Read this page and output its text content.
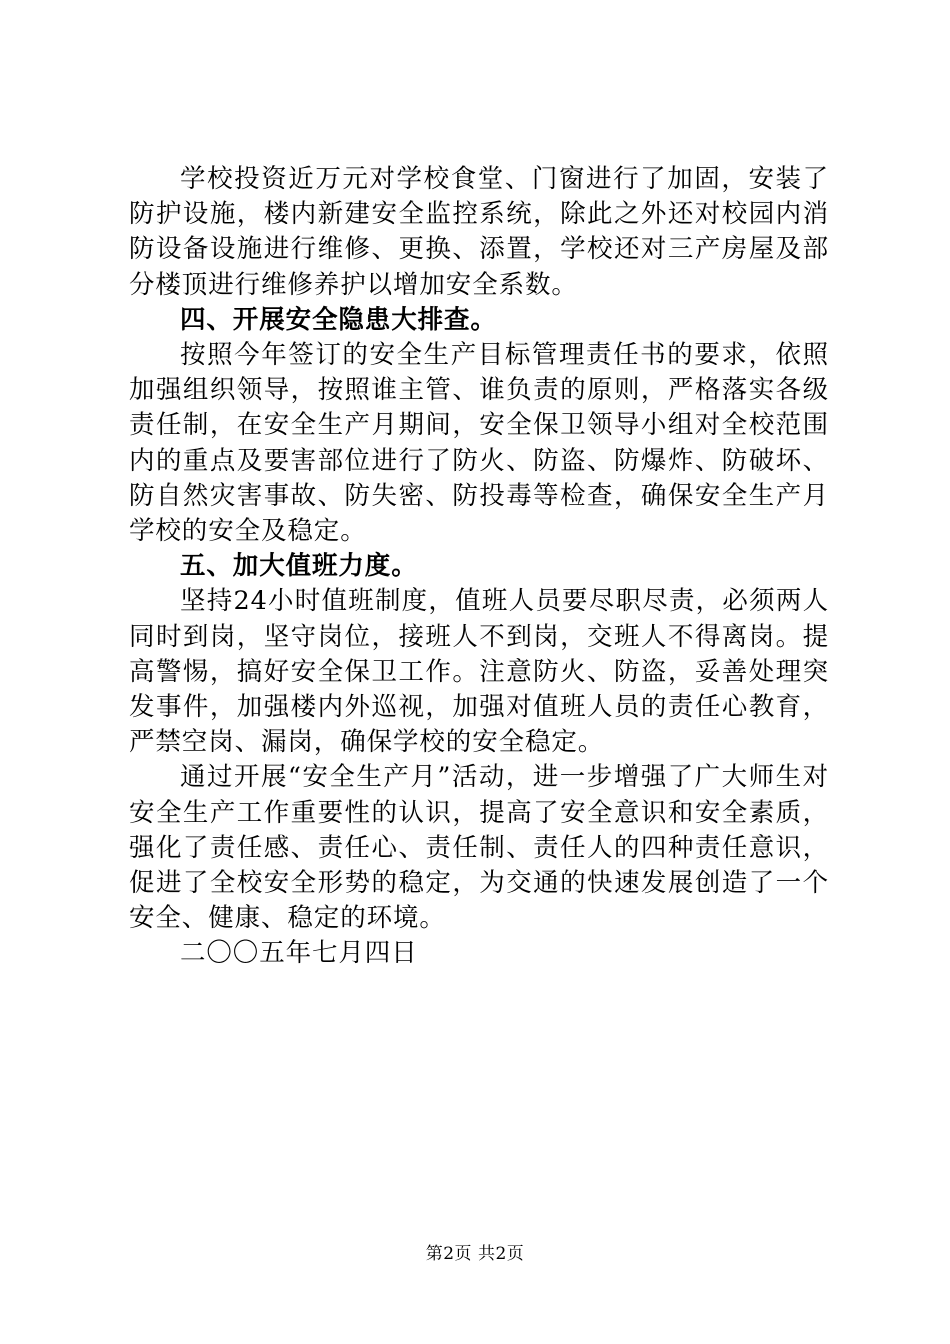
学校投资近万元对学校食堂、门窗进行了加固，安装了防护设施，楼内新建安全监控系统，除此之外还对校园内消防设备设施进行维修、更换、添置，学校还对三产房屋及部分楼顶进行维修养护以增加安全系数。

四、开展安全隐患大排查。

按照今年签订的安全生产目标管理责任书的要求，依照加强组织领导，按照谁主管、谁负责的原则，严格落实各级责任制，在安全生产月期间，安全保卫领导小组对全校范围内的重点及要害部位进行了防火、防盗、防爆炸、防破坏、防自然灾害事故、防失密、防投毒等检查，确保安全生产月学校的安全及稳定。

五、加大值班力度。

坚持24小时值班制度，值班人员要尽职尽责，必须两人同时到岗，坚守岗位，接班人不到岗，交班人不得离岗。提高警惕，搞好安全保卫工作。注意防火、防盗，妥善处理突发事件，加强楼内外巡视，加强对值班人员的责任心教育，严禁空岗、漏岗，确保学校的安全稳定。

通过开展“安全生产月”活动，进一步增强了广大师生对安全生产工作重要性的认识，提高了安全意识和安全素质，强化了责任感、责任心、责任制、责任人的四种责任意识，促进了全校安全形势的稳定，为交通的快速发展创造了一个安全、健康、稳定的环境。

二〇〇五年七月四日

第2页 共2页
